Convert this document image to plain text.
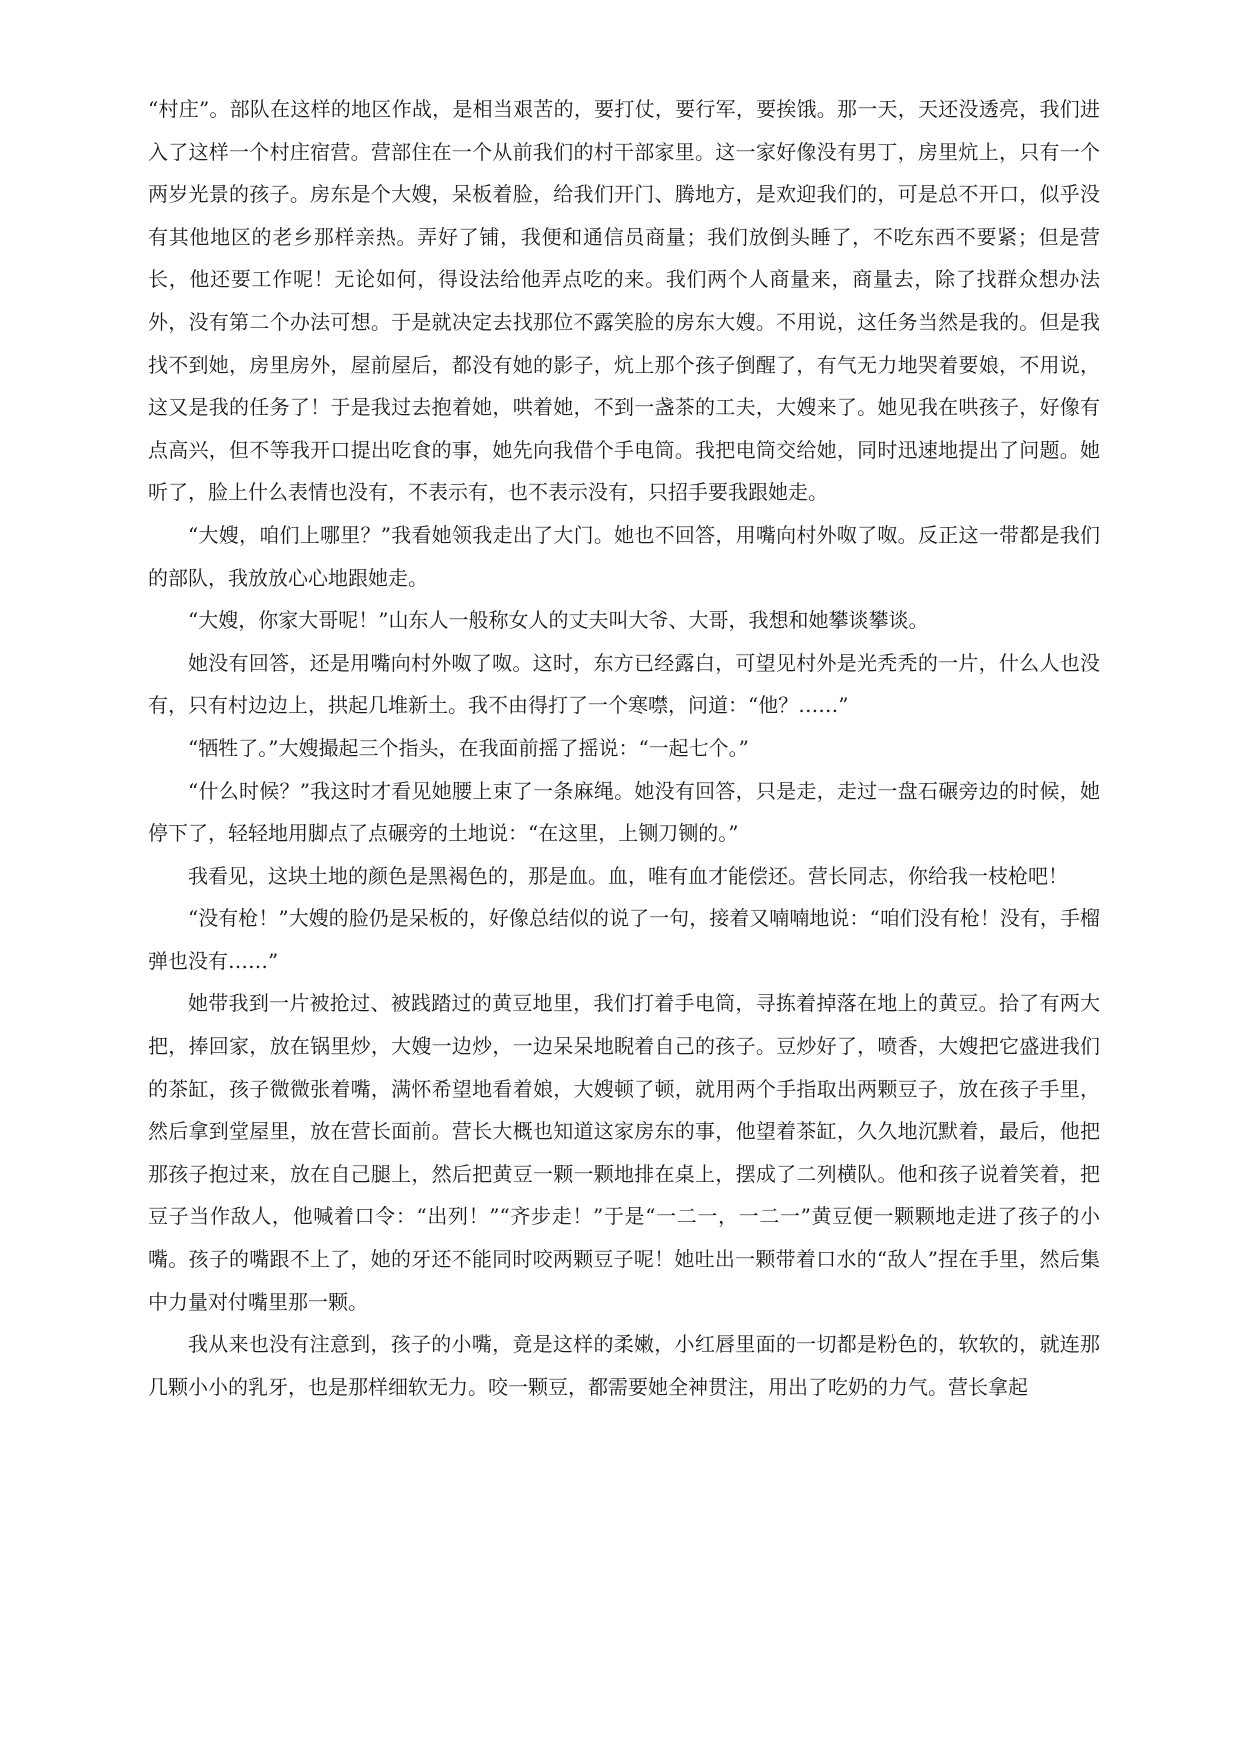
“村庄”。部队在这样的地区作战，是相当艰苦的，要打仗，要行军，要挨饿。那一天，天还没透亮，我们进入了这样一个村庄宿营。营部住在一个从前我们的村干部家里。这一家好像没有男丁，房里炕上，只有一个两岁光景的孩子。房东是个大嫂，呆板着脸，给我们开门、腾地方，是欢迎我们的，可是总不开口，似乎没有其他地区的老乡那样亲热。弄好了铺，我便和通信员商量；我们放倒头睡了，不吃东西不要紧；但是营长，他还要工作呢！无论如何，得设法给他弄点吃的来。我们两个人商量来，商量去，除了找群众想办法外，没有第二个办法可想。于是就决定去找那位不露笑脸的房东大嫂。不用说，这任务当然是我的。但是我找不到她，房里房外，屋前屋后，都没有她的影子，炕上那个孩子倒醒了，有气无力地哭着要娘，不用说，这又是我的任务了！于是我过去抱着她，哄着她，不到一盏茶的工夫，大嫂来了。她见我在哄孩子，好像有点高兴，但不等我开口提出吃食的事，她先向我借个手电筒。我把电筒交给她，同时迅速地提出了问题。她听了，脸上什么表情也没有，不表示有，也不表示没有，只招手要我跟她走。

“大嫂，咱们上哪里？”我看她领我走出了大门。她也不回答，用嘴向村外呶了呶。反正这一带都是我们的部队，我放放心心地跟她走。

“大嫂，你家大哥呢！”山东人一般称女人的丈夫叫大爷、大哥，我想和她攀谈攀谈。

她没有回答，还是用嘴向村外呶了呶。这时，东方已经露白，可望见村外是光秃秃的一片，什么人也没有，只有村边边上，拱起几堆新土。我不由得打了一个寒噤，问道：“他？……”

“牺牲了。”大嫂撮起三个指头，在我面前摇了摇说：“一起七个。”

“什么时候？”我这时才看见她腰上束了一条麻绳。她没有回答，只是走，走过一盘石碾旁边的时候，她停下了，轻轻地用脚点了点碾旁的土地说：“在这里，上铡刀铡的。”

我看见，这块土地的颜色是黑褐色的，那是血。血，唯有血才能偿还。营长同志，你给我一枝枪吧！

“没有枪！”大嫂的脸仍是呆板的，好像总结似的说了一句，接着又喃喃地说：“咱们没有枪！没有，手榴弹也没有……”

她带我到一片被抢过、被践踏过的黄豆地里，我们打着手电筒，寻拣着掉落在地上的黄豆。拾了有两大把，捧回家，放在锅里炒，大嫂一边炒，一边呆呆地睨着自己的孩子。豆炒好了，喷香，大嫂把它盛进我们的茶缸，孩子微微张着嘴，满怀希望地看着娘，大嫂顿了顿，就用两个手指取出两颗豆子，放在孩子手里，然后拿到堂屋里，放在营长面前。营长大概也知道这家房东的事，他望着茶缸，久久地沉默着，最后，他把那孩子抱过来，放在自己腿上，然后把黄豆一颗一颗地排在桌上，摆成了二列横队。他和孩子说着笑着，把豆子当作敌人，他喊着口令：“出列！”“齐步走！”于是“一二一，一二一”黄豆便一颗颗地走进了孩子的小嘴。孩子的嘴跟不上了，她的牙还不能同时咬两颗豆子呢！她吐出一颗带着口水的“敌人”捏在手里，然后集中力量对付嘴里那一颗。

我从来也没有注意到，孩子的小嘴，竟是这样的柔嫩，小红唇里面的一切都是粉色的，软软的，就连那几颗小小的乳牙，也是那样细软无力。咬一颗豆，都需要她全神贯注，用出了吃奶的力气。营长拿起
